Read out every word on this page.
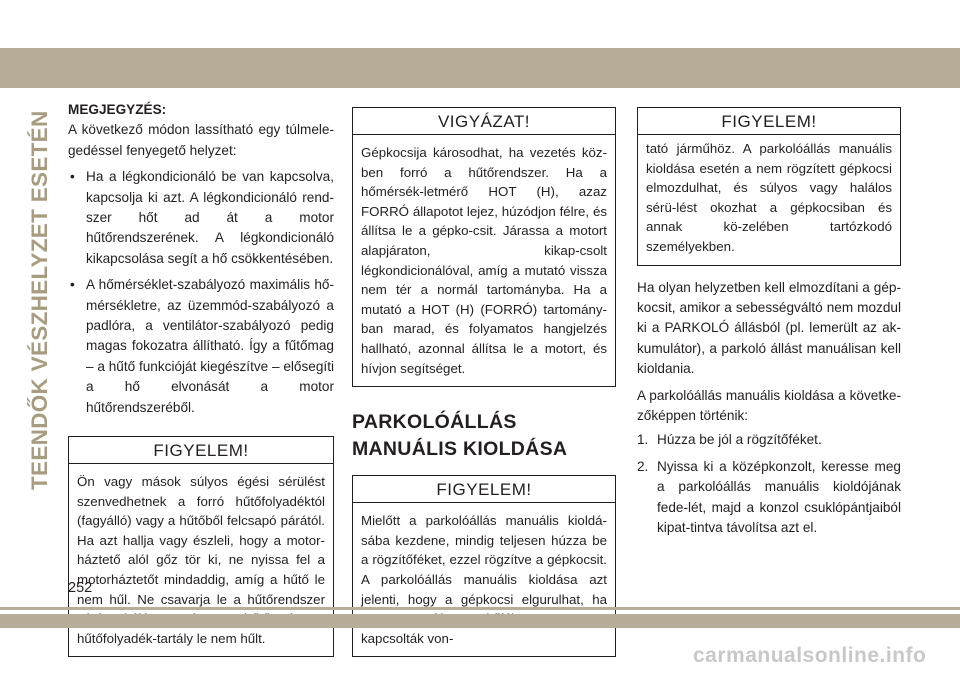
TEENDŐK VÉSZHELYZET ESETÉN

MEGJEGYZÉS:

A következő módon lassítható egy túlmele-gedéssel fenyegető helyzet:

• Ha a légkondicionáló be van kapcsolva, kapcsolja ki azt. A légkondicionáló rend-szer hőt ad át a motor hűtőrendszerének. A légkondicionáló kikapcsolása segít a hő csökkentésében.
• A hőmérséklet-szabályozó maximális hő-mérsékletre, az üzemmód-szabályozó a padlóra, a ventilátor-szabályozó pedig magas fokozatra állítható. Így a fűtőmag – a hűtő funkcióját kiegészítve – elősegíti a hő elvonását a motor hűtőrendszeréből.
FIGYELEM!
Ön vagy mások súlyos égési sérülést szenvedhetnek a forró hűtőfolyadéktól (fagyálló) vagy a hűtőből felcsapó párától. Ha azt hallja vagy észleli, hogy a motor-háztető alól gőz tör ki, ne nyissa fel a motorháztetőt mindaddig, amíg a hűtő le nem hűl. Ne csavarja le a hűtőrendszer hűtőfolyadék-tartály le nem hűlt.
VIGYÁZAT!
Gépkocsija károsodhat, ha vezetés köz-ben forró a hűtőrendszer. Ha a hőmérsék-letmérő HOT (H), azaz FORRÓ állapotot lejez, húzódjon félre, és állítsa le a gépko-csit. Járassa a motort alapjáraton, kikap-csolt légkondicionálóval, amíg a mutató vissza nem tér a normál tartományba. Ha a mutató a HOT (H) (FORRÓ) tartomány-ban marad, és folyamatos hangjelzés hallható, azonnal állítsa le a motort, és hívjon segítséget.
PARKOLÓÁLLÁS
MANUÁLIS KIOLDÁSA
FIGYELEM!
Mielőtt a parkolóállás manuális kioldá-sába kezdene, mindig teljesen húzza be a rögzítőféket, ezzel rögzítve a gépkocsit. A parkolóállás manuális kioldása azt jelenti, hogy a gépkocsi elgurulhat, ha kapcsolták von-
FIGYELEM!
tató járműhöz. A parkolóállás manuális kioldása esetén a nem rögzített gépkocsi elmozdulhat, és súlyos vagy halálos sérü-lést okozhat a gépkocsiban és annak kö-zelében tartózkodó személyekben.

Ha olyan helyzetben kell elmozdítani a gép-kocsit, amikor a sebességváltó nem mozdul ki a PARKOLÓ állásból (pl. lemerült az ak-kumulátor), a parkoló állást manuálisan kell kioldania.

A parkolóállás manuális kioldása a követke-zőképpen történik:

1. Húzza be jól a rögzítőféket.
2. Nyissa ki a középkonzolt, keresse meg a parkolóállás manuális kioldójának fede-lét, majd a konzol csuklópántjaiból kipat-tintva távolítsa azt el.
252
carmanualsonline.info
